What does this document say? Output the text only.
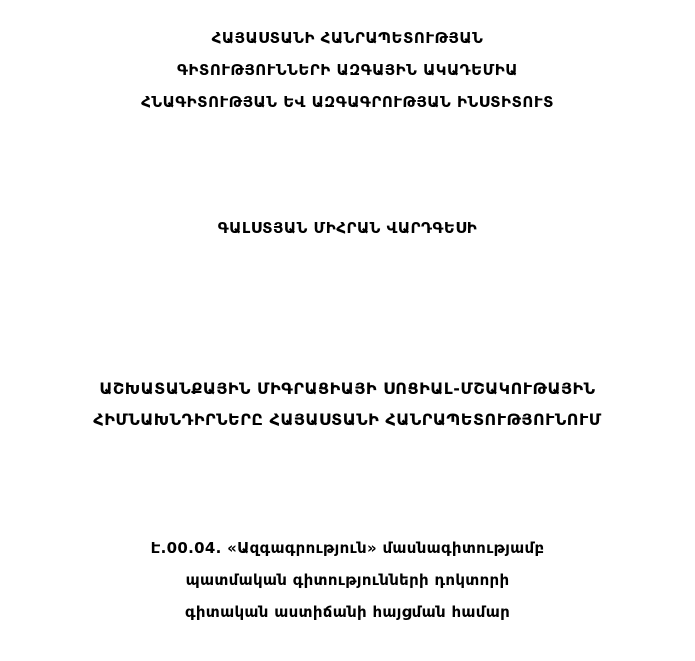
ՀԱՅԱՍՏԱՆԻ ՀԱՆՐԱՊԵՏՈՒԹՅԱՆ
ԳԻՏՈՒԹՅՈՒՆՆԵՐԻ ԱԶԳԱՅԻՆ ԱԿԱԴԵՄԻԱ
ՀՆԱԳԻՏՈՒԹՅԱՆ ԵՎ ԱԶԳԱԳՐՈՒԹՅԱՆ ԻՆՍՏԻՏՈՒՏ
ԳԱԼՍՏՅԱՆ ՄԻՀՐԱՆ ՎԱՐԴԳԵՍԻ
ԱՇԽԱՏԱՆՔԱՅԻՆ ՄԻԳՐԱՑԻԱՅԻ ՍՈՑԻԱԼ-ՄՇԱԿՈՒԹԱՅԻՆ
ՀԻՄՆԱԽՆԴԻՐՆԵՐԸ ՀԱՅԱՍՏԱՆԻ ՀԱՆՐԱՊԵՏՈՒԹՅՈՒՆՈՒՄ
Է.00.04. «Ազգագրություն» մասնագիտությամբ
պատմական գիտությունների դոկտորի
գիտական աստիճանի հայցման համար
